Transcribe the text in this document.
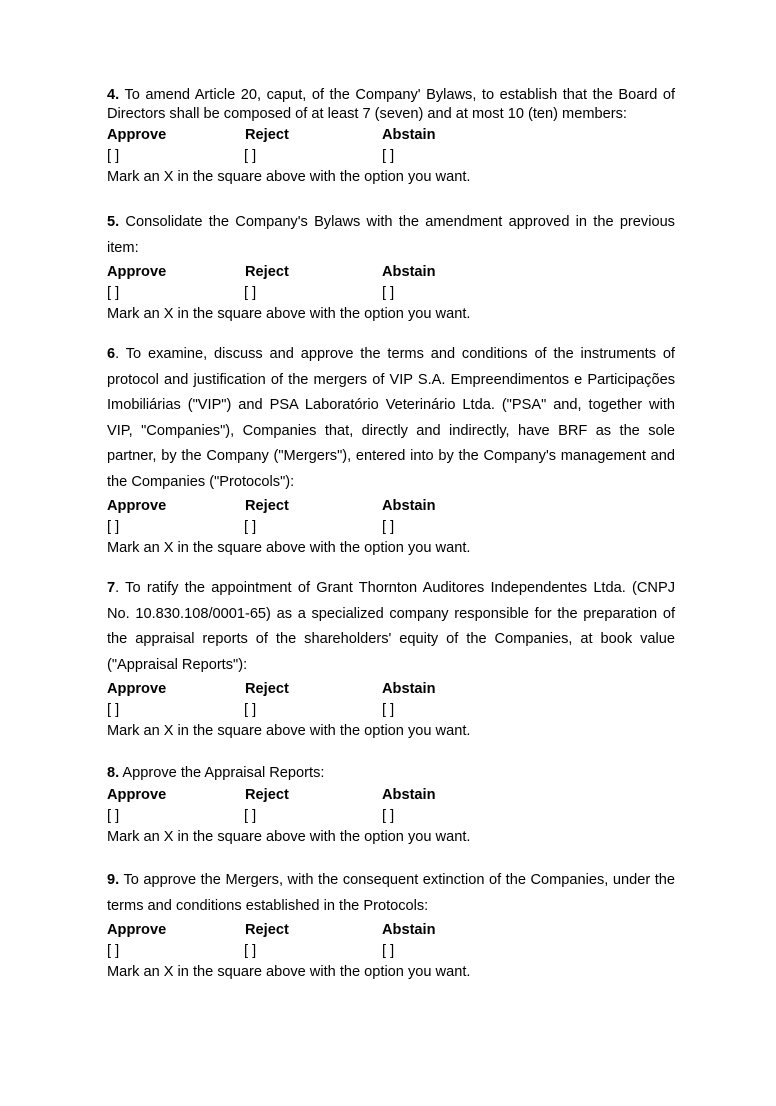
4. To amend Article 20, caput, of the Company' Bylaws, to establish that the Board of Directors shall be composed of at least 7 (seven) and at most 10 (ten) members:

Approve	Reject	Abstain
[ ]	[ ]	[ ]

Mark an X in the square above with the option you want.

5. Consolidate the Company's Bylaws with the amendment approved in the previous item:

Approve	Reject	Abstain
[ ]	[ ]	[ ]

Mark an X in the square above with the option you want.

6. To examine, discuss and approve the terms and conditions of the instruments of protocol and justification of the mergers of VIP S.A. Empreendimentos e Participações Imobiliárias ("VIP") and PSA Laboratório Veterinário Ltda. ("PSA" and, together with VIP, "Companies"), Companies that, directly and indirectly, have BRF as the sole partner, by the Company ("Mergers"), entered into by the Company's management and the Companies ("Protocols"):

Approve	Reject	Abstain
[ ]	[ ]	[ ]

Mark an X in the square above with the option you want.

7. To ratify the appointment of Grant Thornton Auditores Independentes Ltda. (CNPJ No. 10.830.108/0001-65) as a specialized company responsible for the preparation of the appraisal reports of the shareholders' equity of the Companies, at book value ("Appraisal Reports"):

Approve	Reject	Abstain
[ ]	[ ]	[ ]

Mark an X in the square above with the option you want.

8. Approve the Appraisal Reports:

Approve	Reject	Abstain
[ ]	[ ]	[ ]

Mark an X in the square above with the option you want.

9. To approve the Mergers, with the consequent extinction of the Companies, under the terms and conditions established in the Protocols:

Approve	Reject	Abstain
[ ]	[ ]	[ ]

Mark an X in the square above with the option you want.
